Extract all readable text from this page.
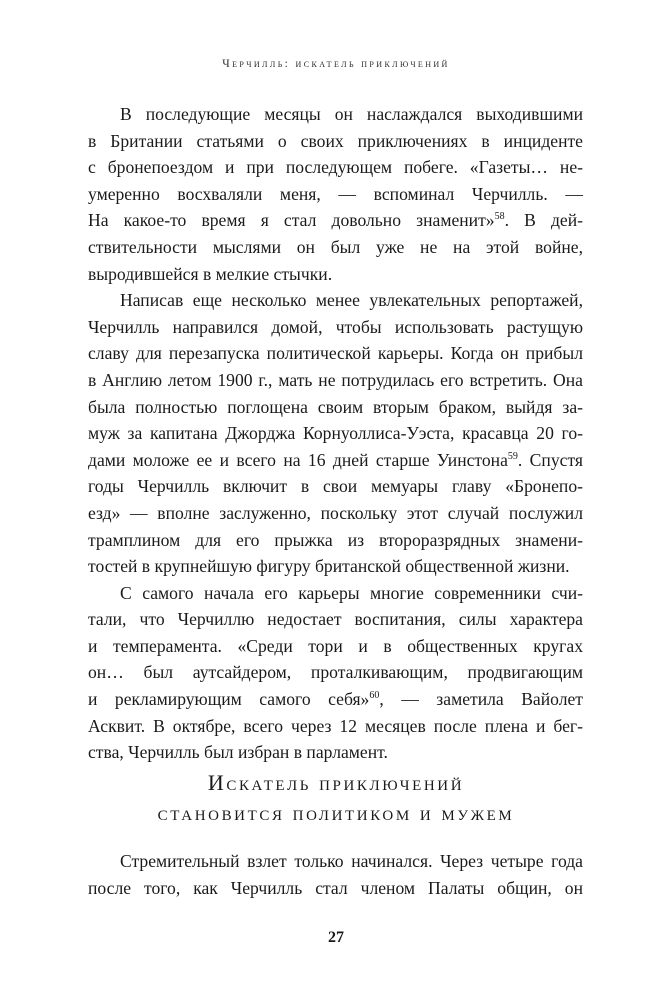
Черчилль: искатель приключений

В последующие месяцы он наслаждался выходившими
в Британии статьями о своих приключениях в инциденте
с бронепоездом и при последующем побеге. «Газеты… не-
умеренно восхваляли меня, — вспоминал Черчилль. —
На какое-то время я стал довольно знаменит»$^{58}$. В дей-
ствительности мыслями он был уже не на этой войне,
выродившейся в мелкие стычки.

Написав еще несколько менее увлекательных репортажей,
Черчилль направился домой, чтобы использовать растущую
славу для перезапуска политической карьеры. Когда он прибыл
в Англию летом 1900 г., мать не потрудилась его встретить. Она
была полностью поглощена своим вторым браком, выйдя за-
муж за капитана Джорджа Корнуоллиса-Уэста, красавца 20 го-
дами моложе ее и всего на 16 дней старше Уинстона$^{59}$. Спустя
годы Черчилль включит в свои мемуары главу «Бронепо-
езд» — вполне заслуженно, поскольку этот случай послужил
трамплином для его прыжка из второразрядных знамени-
тостей в крупнейшую фигуру британской общественной жизни.

С самого начала его карьеры многие современники счи-
тали, что Черчиллю недостает воспитания, силы характера
и темперамента. «Среди тори и в общественных кругах
он… был аутсайдером, проталкивающим, продвигающим
и рекламирующим самого себя»$^{60}$, — заметила Вайолет
Асквит. В октябре, всего через 12 месяцев после плена и бег-
ства, Черчилль был избран в парламент.

Искатель приключений
становится политиком и мужем

Стремительный взлет только начинался. Через четыре года
после того, как Черчилль стал членом Палаты общин, он

27
